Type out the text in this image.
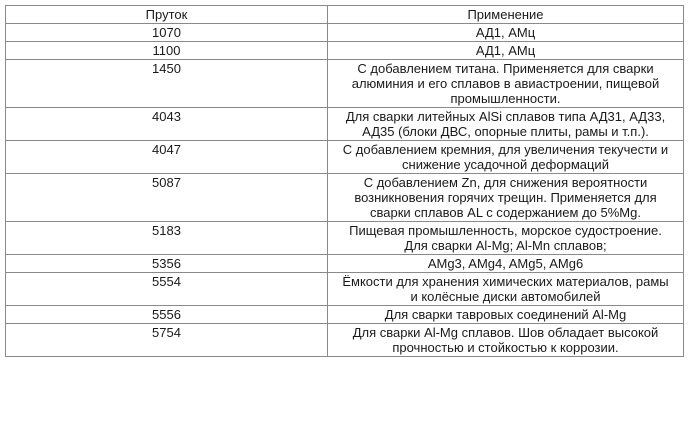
Пруток	Применение
1070	АД1, АМц
1100	АД1, АМц
1450	С добавлением титана. Применяется для сварки алюминия и его сплавов в авиастроении, пищевой промышленности.
4043	Для сварки литейных AlSi сплавов типа АД31, АД33, АД35 (блоки ДВС, опорные плиты, рамы и т.п.).
4047	С добавлением кремния, для увеличения текучести и снижение усадочной деформаций
5087	С добавлением Zn, для снижения вероятности возникновения горячих трещин. Применяется для сварки сплавов AL с содержанием до 5%Mg.
5183	Пищевая промышленность, морское судостроение.
Для сварки Al-Mg; Al-Mn сплавов;
5356	AMg3, AMg4, AMg5, AMg6
5554	Ёмкости для хранения химических материалов, рамы и колёсные диски автомобилей
5556	Для сварки тавровых соединений Al-Mg
5754	Для сварки Al-Mg сплавов. Шов обладает высокой прочностью и стойкостью к коррозии.
